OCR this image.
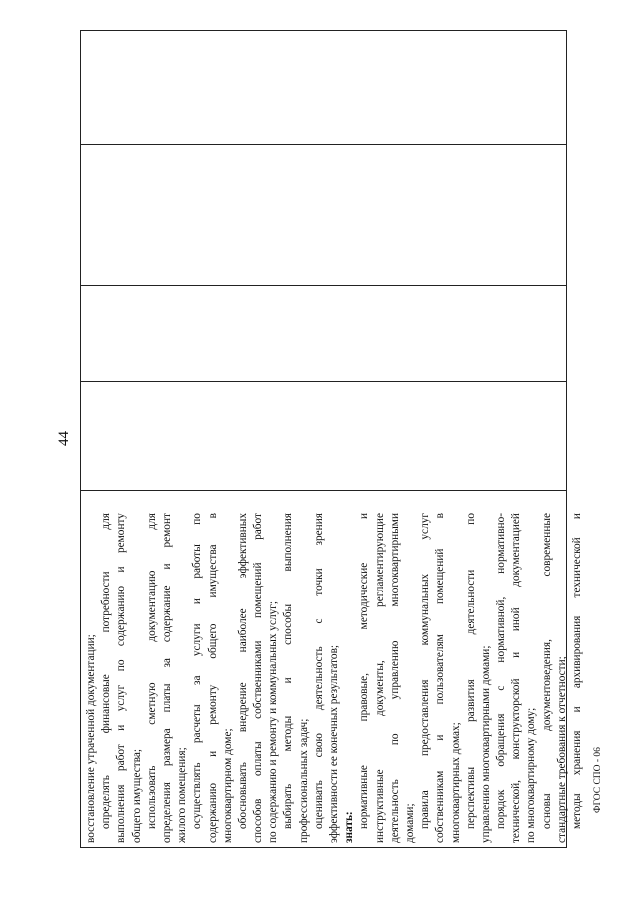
44
ФГОС СПО - 06
восстановление утраченной документации; определять
финансовые
потребности
для
выполнения
работ
и
услуг
по
содержанию
и
ремонту
общего имущества; использовать
сметную
документацию
для
определения
размера
платы
за
содержание
и
ремонт
жилого помещения; осуществлять
расчеты
за
услуги
и
работы
по
содержанию
и
ремонту
общего
имущества
в
многоквартирном доме; обосновывать
внедрение
наиболее
эффективных
способов
оплаты
собственниками
помещений
работ
по содержанию и ремонту и коммунальных услуг; выбирать
методы
и
способы
выполнения
профессиональных задач; оценивать
свою
деятельность
с
точки
зрения
эффективности ее конечных результатов; знать: нормативные
правовые,
методические
и
инструктивные
документы,
регламентирующие
деятельность
по
управлению
многоквартирными
домами; правила
предоставления
коммунальных
услуг
собственникам
и
пользователям
помещений
в
многоквартирных домах; перспективы
развития
деятельности
по
управлению многоквартирными домами; порядок
обращения
с
нормативной,
нормативно-
технической,
конструкторской
и
иной
документацией
по многоквартирному дому; основы
документоведения,
современные
стандартные требования к отчетности; методы
хранения
и
архивирования
технической
и
